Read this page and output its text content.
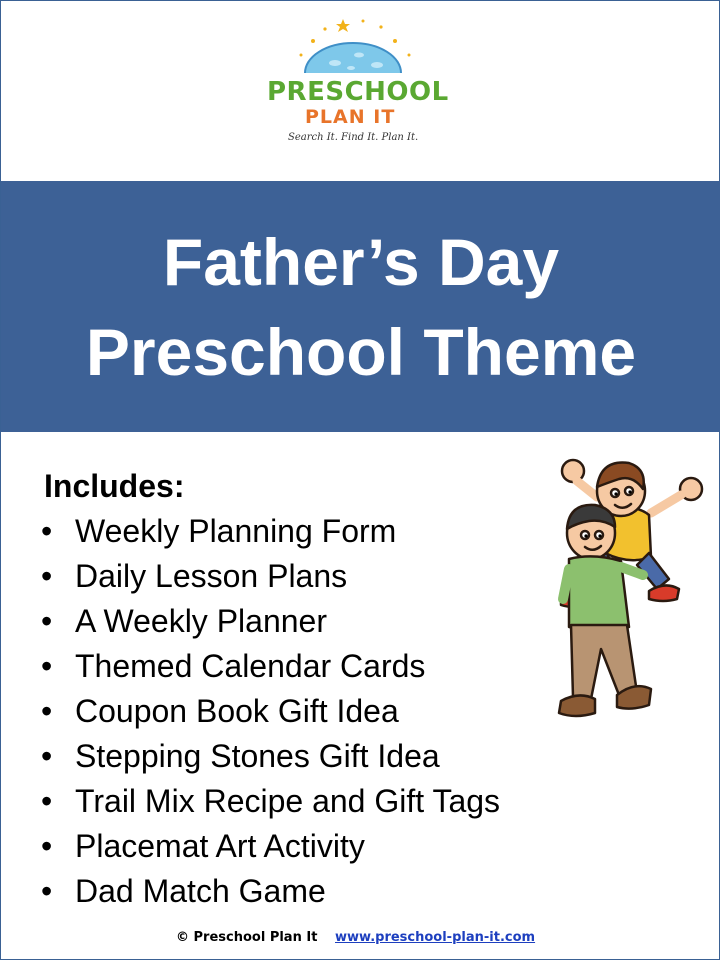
PRESCHOOL
PLAN IT
Search It. Find It. Plan It.
Father’s Day
Preschool Theme
Includes:
• Weekly Planning Form
• Daily Lesson Plans
• A Weekly Planner
• Themed Calendar Cards
• Coupon Book Gift Idea
• Stepping Stones Gift Idea
• Trail Mix Recipe and Gift Tags
• Placemat Art Activity
• Dad Match Game
© Preschool Plan It www.preschool-plan-it.com
